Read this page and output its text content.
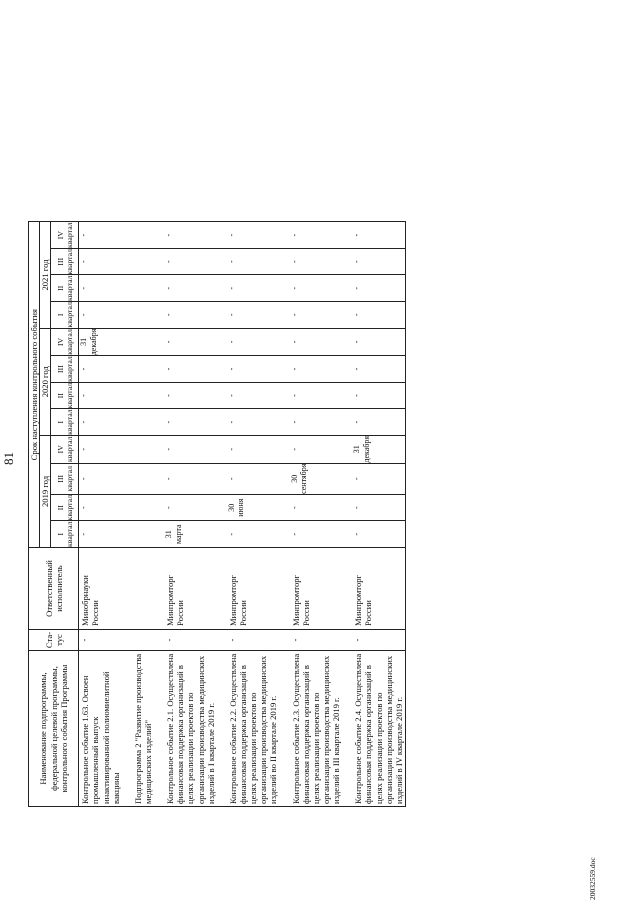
81
Наименование подпрограммы, федеральной целевой программы, контрольного события Программы	Ста-тус	Ответственный исполнитель	Срок наступления контрольного события											
			2019 год				2020 год				2021 год			
			I квартал	II квартал	III квартал	IV квартал	I квартал	II квартал	III квартал	IV квартал	I квартал	II квартал	III квартал	IV квартал
Контрольное событие 1.63. Освоен промышленный выпуск инактивированной полиомиелитной вакцины	-	Минобрнауки России	-	-	-	-	-	-	-	31 декабря	-	-	-	-

Подпрограмма 2 "Развитие производства медицинских изделий"														

Контрольное событие 2.1. Осуществлена финансовая поддержка организаций в целях реализации проектов по организации производства медицинских изделий в I квартале 2019 г.	-	Минпромторг России	31 марта	-	-	-	-	-	-	-	-	-	-	-

Контрольное событие 2.2. Осуществлена финансовая поддержка организаций в целях реализации проектов по организации производства медицинских изделий во II квартале 2019 г.	-	Минпромторг России	-	30 июня	-	-	-	-	-	-	-	-	-	-

Контрольное событие 2.3. Осуществлена финансовая поддержка организаций в целях реализации проектов по организации производства медицинских изделий в III квартале 2019 г.	-	Минпромторг России	-	-	30 сентября	-	-	-	-	-	-	-	-	-

Контрольное событие 2.4. Осуществлена финансовая поддержка организаций в целях реализации проектов по организации производства медицинских изделий в IV квартале 2019 г.	-	Минпромторг России	-	-	-	31 декабря	-	-	-	-	-	-	-	-
20032559.doc
